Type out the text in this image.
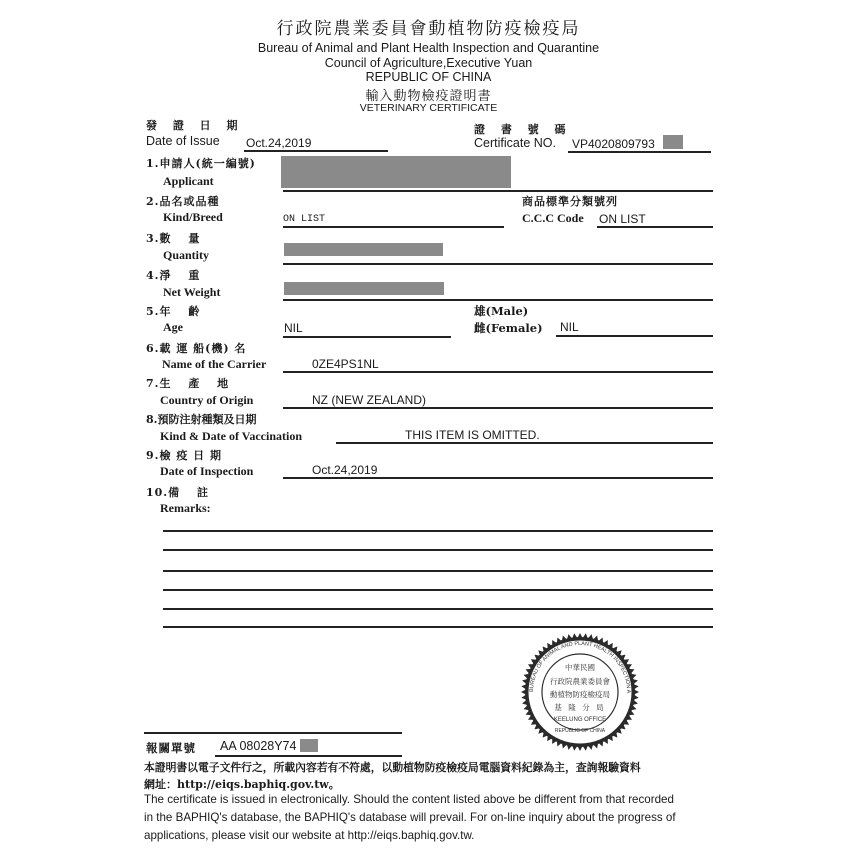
行政院農業委員會動植物防疫檢疫局
Bureau of Animal and Plant Health Inspection and Quarantine
Council of Agriculture,Executive Yuan
REPUBLIC OF CHINA
輸入動物檢疫證明書
VETERINARY CERTIFICATE
發 證 日 期
Date of Issue Oct.24,2019
證 書 號 碼
Certificate NO. VP4020809793
1.申請人(統一編號)
Applicant
2.品名或品種
Kind/Breed	ON LIST
商品標準分類號列
C.C.C Code ON LIST
3.數　 量
Quantity
4.淨　 重
Net Weight
5.年　 齡
Age	NIL
雄(Male)
雌(Female) NIL
6.載 運 船(機) 名
Name of the Carrier	0ZE4PS1NL
7.生　 產　 地
Country of Origin	NZ (NEW ZEALAND)
8.預防注射種類及日期
Kind & Date of Vaccination	THIS ITEM IS OMITTED.
9.檢 疫 日 期
Date of Inspection	Oct.24,2019
10.備　 註
Remarks:
BUREAU OF ANIMAL AND PLANT HEALTH INSPECTION A
中華民國
行政院農業委員會
動植物防疫檢疫局
基 隆 分 局
KEELUNG OFFICE
REPUBLIC OF CHINA
報關單號 AA 08028Y74
本證明書以電子文件行之，所載內容若有不符處，以動植物防疫檢疫局電腦資料紀錄為主，查詢報驗資料
網址：http://eiqs.baphiq.gov.tw。
The certificate is issued in electronically. Should the content listed above be different from that recorded
in the BAPHIQ's database, the BAPHIQ's database will prevail. For on-line inquiry about the progress of
applications, please visit our website at http://eiqs.baphiq.gov.tw.
